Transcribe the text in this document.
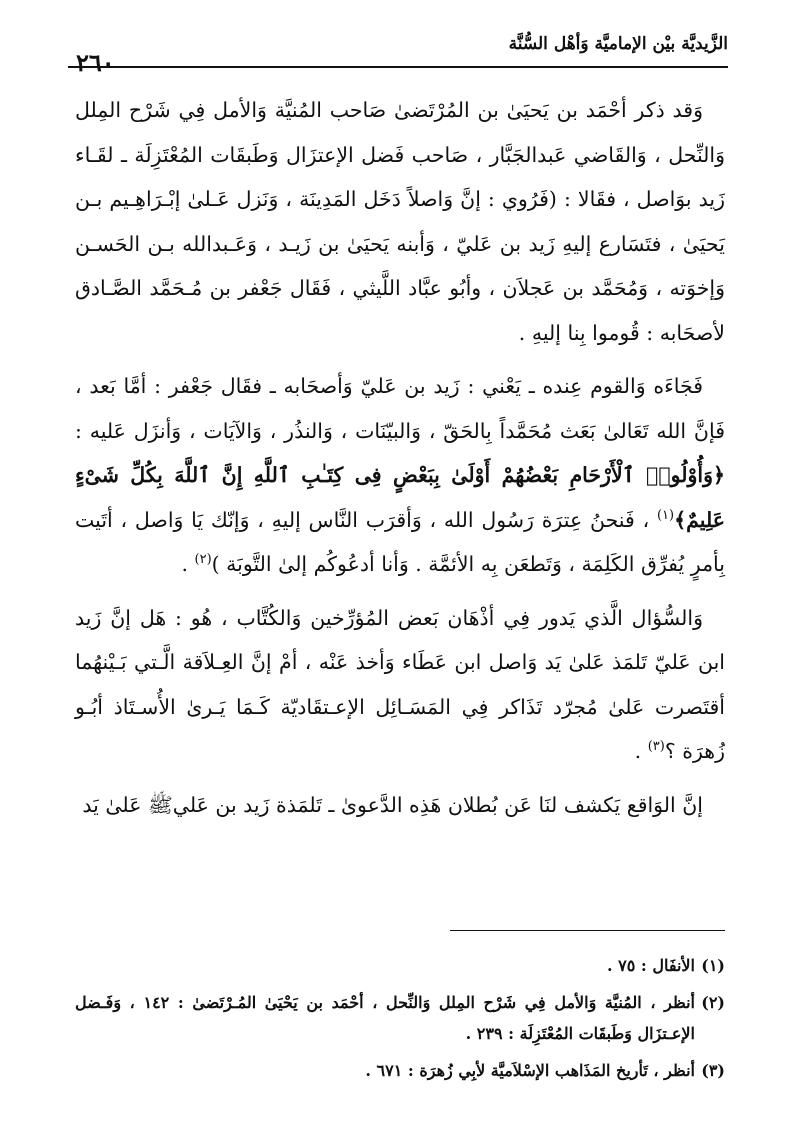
الزَّيديَّة بيْن الإماميَّة وَأهْل السُّنَّة
٢٦٠

وَقد ذكر أحْمَد بن يَحيَىٰ بن المُرْتَضىٰ صَاحب المُنيَّة وَالأمل فِي شَرْح المِلل وَالنِّحل ، وَالقَاضي عَبدالجَبَّار ، صَاحب فَضل الإعتزَال وَطَبقَات المُعْتَزِلَة ـ لقَـاء زَيد بوَاصل ، فقَالا : (فَرُوي : إنَّ وَاصلاً دَخَل المَدِينَة ، وَنَزل عَـلىٰ إبْـرَاهِـيم بـن يَحيَىٰ ، فتَسَارع إليهِ زَيد بن عَليّ ، وَأبنه يَحيَىٰ بن زَيـد ، وَعَـبدالله بـن الحَسـن وَإخوَته ، وَمُحَمَّد بن عَجلاَن ، وأبُو عبَّاد اللَّيثي ، فَقَال جَعْفر بن مُـحَمَّد الصَّـادق لأصحَابه : قُوموا بِنا إليهِ .

فَجَاءَه وَالقوم عِنده ـ يَعْني : زَيد بن عَليّ وَأصحَابه ـ فقَال جَعْفر : أمَّا بَعد ، فَإنَّ الله تَعَالىٰ بَعَث مُحَمَّداً بِالحَقّ ، وَالبيّنَات ، وَالنذُر ، وَالآيَات ، وَأنزَل عَليه : ﴿وَأُوْلُوا۟ ٱلْأَرْحَامِ بَعْضُهُمْ أَوْلَىٰ بِبَعْضٍ فِى كِتَـٰبِ ٱللَّهِ إِنَّ ٱللَّهَ بِكُلِّ شَىْءٍ عَلِيمٌ﴾$^{(١)}$ ، فَنحنُ عِترَة رَسُول الله ، وَأقرَب النَّاس إليهِ ، وَإنّك يَا وَاصل ، أتَيت بِأمرٍ يُفرِّق الكَلِمَة ، وَتَطعَن بِه الأئمَّة . وَأنا أدعُوكُم إلىٰ التَّوبَة )$^{(٢)}$ .

وَالسُّؤال الَّذي يَدور فِي أذْهَان بَعض المُؤرِّخين وَالكُتَّاب ، هُو : هَل إنَّ زَيد ابن عَليّ تَلمَذ عَلىٰ يَد وَاصل ابن عَطَاء وَأخذ عَنْه ، أمْ إنَّ العِـلاَقة الَّـتي بَـيْنهُما أقتَصرت عَلىٰ مُجرّد تَذَاكر فِي المَسَـائِل الإعـتقَاديّة كَـمَا يَـرىٰ الأُسـتَاذ أبُـو زُهرَة ؟$^{(٣)}$ .

إنَّ الوَاقع يَكشف لنَا عَن بُطلان هَذِه الدَّعوىٰ ـ تَلمَذة زَيد بن عَليﷺ عَلىٰ يَد

(١)الأنفَال : ٧٥ .

(٢)أنظر ، المُنيَّة وَالأمل فِي شَرْح المِلل وَالنِّحل ، أحْمَد بن يَحْيَىٰ المُـرْتَضىٰ : ١٤٢ ، وَفَـضل الإعـتزَال وَطَبقَات المُعْتَزِلَة : ٢٣٩ .

(٣)أنظر ، تَأريخ المَذَاهب الإسْلاَميَّة لأبِي زُهرَة : ٦٧١ .
